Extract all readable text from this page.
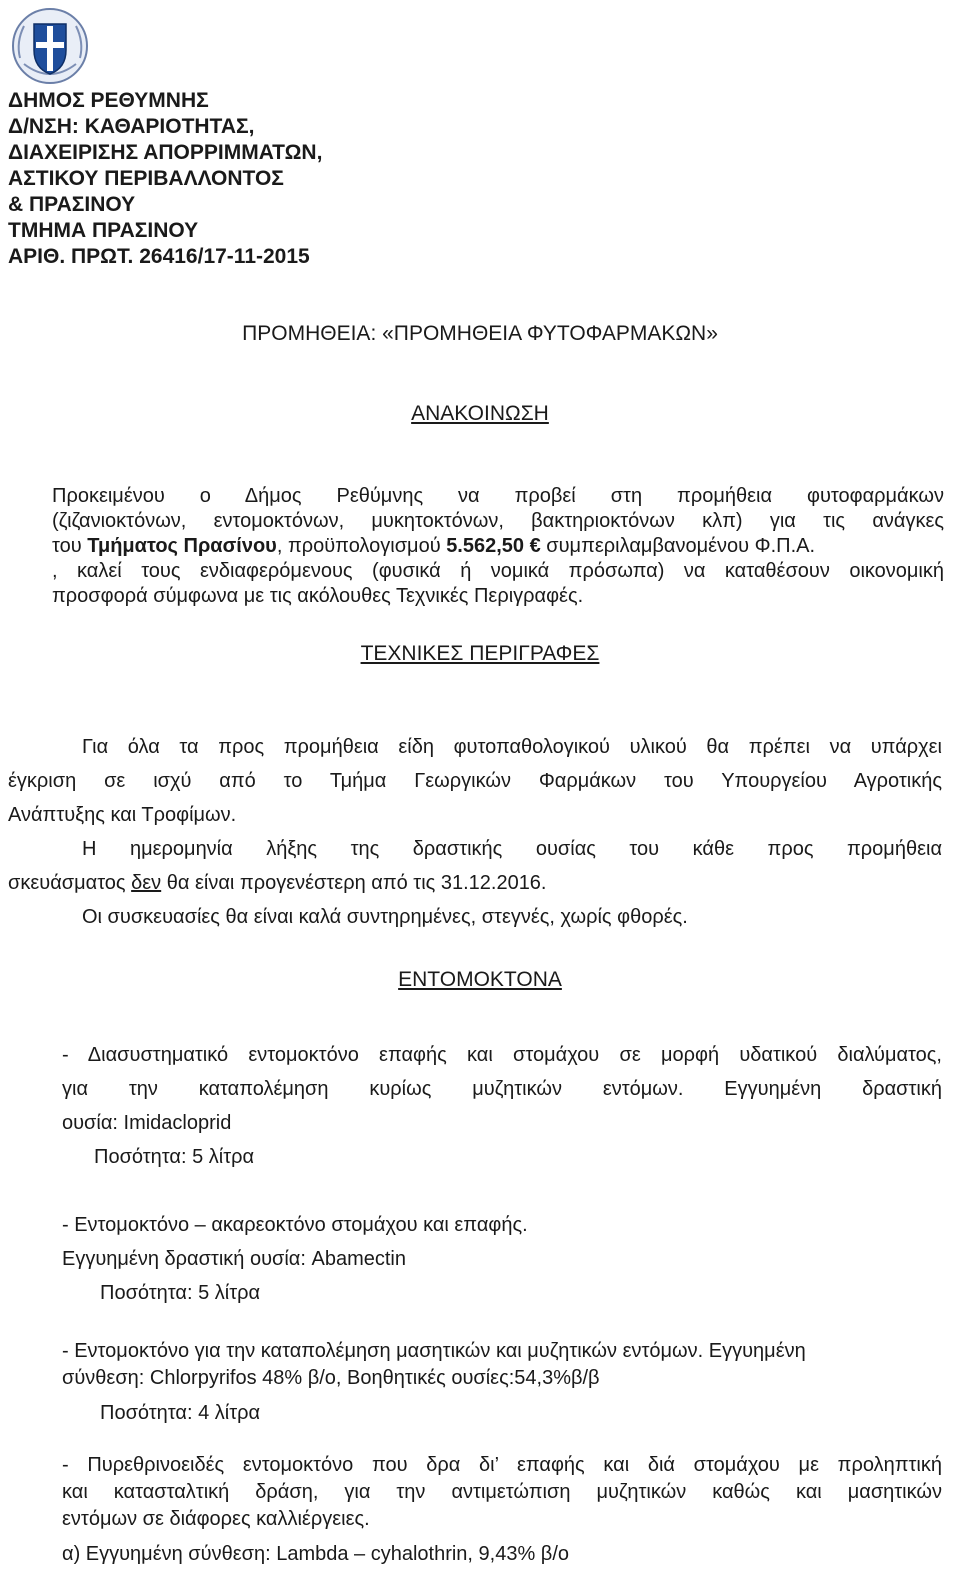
ΔΗΜΟΣ ΡΕΘΥΜΝΗΣ
Δ/ΝΣΗ: ΚΑΘΑΡΙΟΤΗΤΑΣ,
ΔΙΑΧΕΙΡΙΣΗΣ ΑΠΟΡΡΙΜΜΑΤΩΝ,
ΑΣΤΙΚΟΥ ΠΕΡΙΒΑΛΛΟΝΤΟΣ
& ΠΡΑΣΙΝΟΥ
ΤΜΗΜΑ ΠΡΑΣΙΝΟΥ
ΑΡΙΘ. ΠΡΩΤ. 26416/17-11-2015
ΠΡΟΜΗΘΕΙΑ: «ΠΡΟΜΗΘΕΙΑ ΦΥΤΟΦΑΡΜΑΚΩΝ»
ΑΝΑΚΟΙΝΩΣΗ
Προκειμένου ο Δήμος Ρεθύμνης να προβεί στη προμήθεια φυτοφαρμάκων
(ζιζανιοκτόνων, εντομοκτόνων, μυκητοκτόνων, βακτηριοκτόνων κλπ) για τις ανάγκες
του Τμήματος Πρασίνου, προϋπολογισμού 5.562,50 € συμπεριλαμβανομένου Φ.Π.Α.
, καλεί τους ενδιαφερόμενους (φυσικά ή νομικά πρόσωπα) να καταθέσουν οικονομική
προσφορά σύμφωνα με τις ακόλουθες Τεχνικές Περιγραφές.
ΤΕΧΝΙΚΕΣ ΠΕΡΙΓΡΑΦΕΣ
Για όλα τα προς προμήθεια είδη φυτοπαθολογικού υλικού θα πρέπει να υπάρχει
έγκριση σε ισχύ από το Τμήμα Γεωργικών Φαρμάκων του Υπουργείου Αγροτικής
Ανάπτυξης και Τροφίμων.
Η ημερομηνία λήξης της δραστικής ουσίας του κάθε προς προμήθεια
σκευάσματος δεν θα είναι προγενέστερη από τις 31.12.2016.
Οι συσκευασίες θα είναι καλά συντηρημένες, στεγνές, χωρίς φθορές.
ΕΝΤΟΜΟΚΤΟΝΑ
- Διασυστηματικό εντομοκτόνο επαφής και στομάχου σε μορφή υδατικού διαλύματος,
για την καταπολέμηση κυρίως μυζητικών εντόμων. Εγγυημένη δραστική
ουσία: Imidacloprid
Ποσότητα: 5 λίτρα
- Εντομοκτόνο – ακαρεοκτόνο στομάχου και επαφής.
Εγγυημένη δραστική ουσία: Abamectin
Ποσότητα: 5 λίτρα
- Εντομοκτόνο για την καταπολέμηση μασητικών και μυζητικών εντόμων. Εγγυημένη
σύνθεση: Chlorpyrifos 48% β/ο, Βοηθητικές ουσίες:54,3%β/β
Ποσότητα: 4 λίτρα
- Πυρεθρινοειδές εντομοκτόνο που δρα δι’ επαφής και διά στομάχου με προληπτική
και κατασταλτική δράση, για την αντιμετώπιση μυζητικών καθώς και μασητικών
εντόμων σε διάφορες καλλιέργειες.
α) Εγγυημένη σύνθεση: Lambda – cyhalothrin, 9,43% β/ο
